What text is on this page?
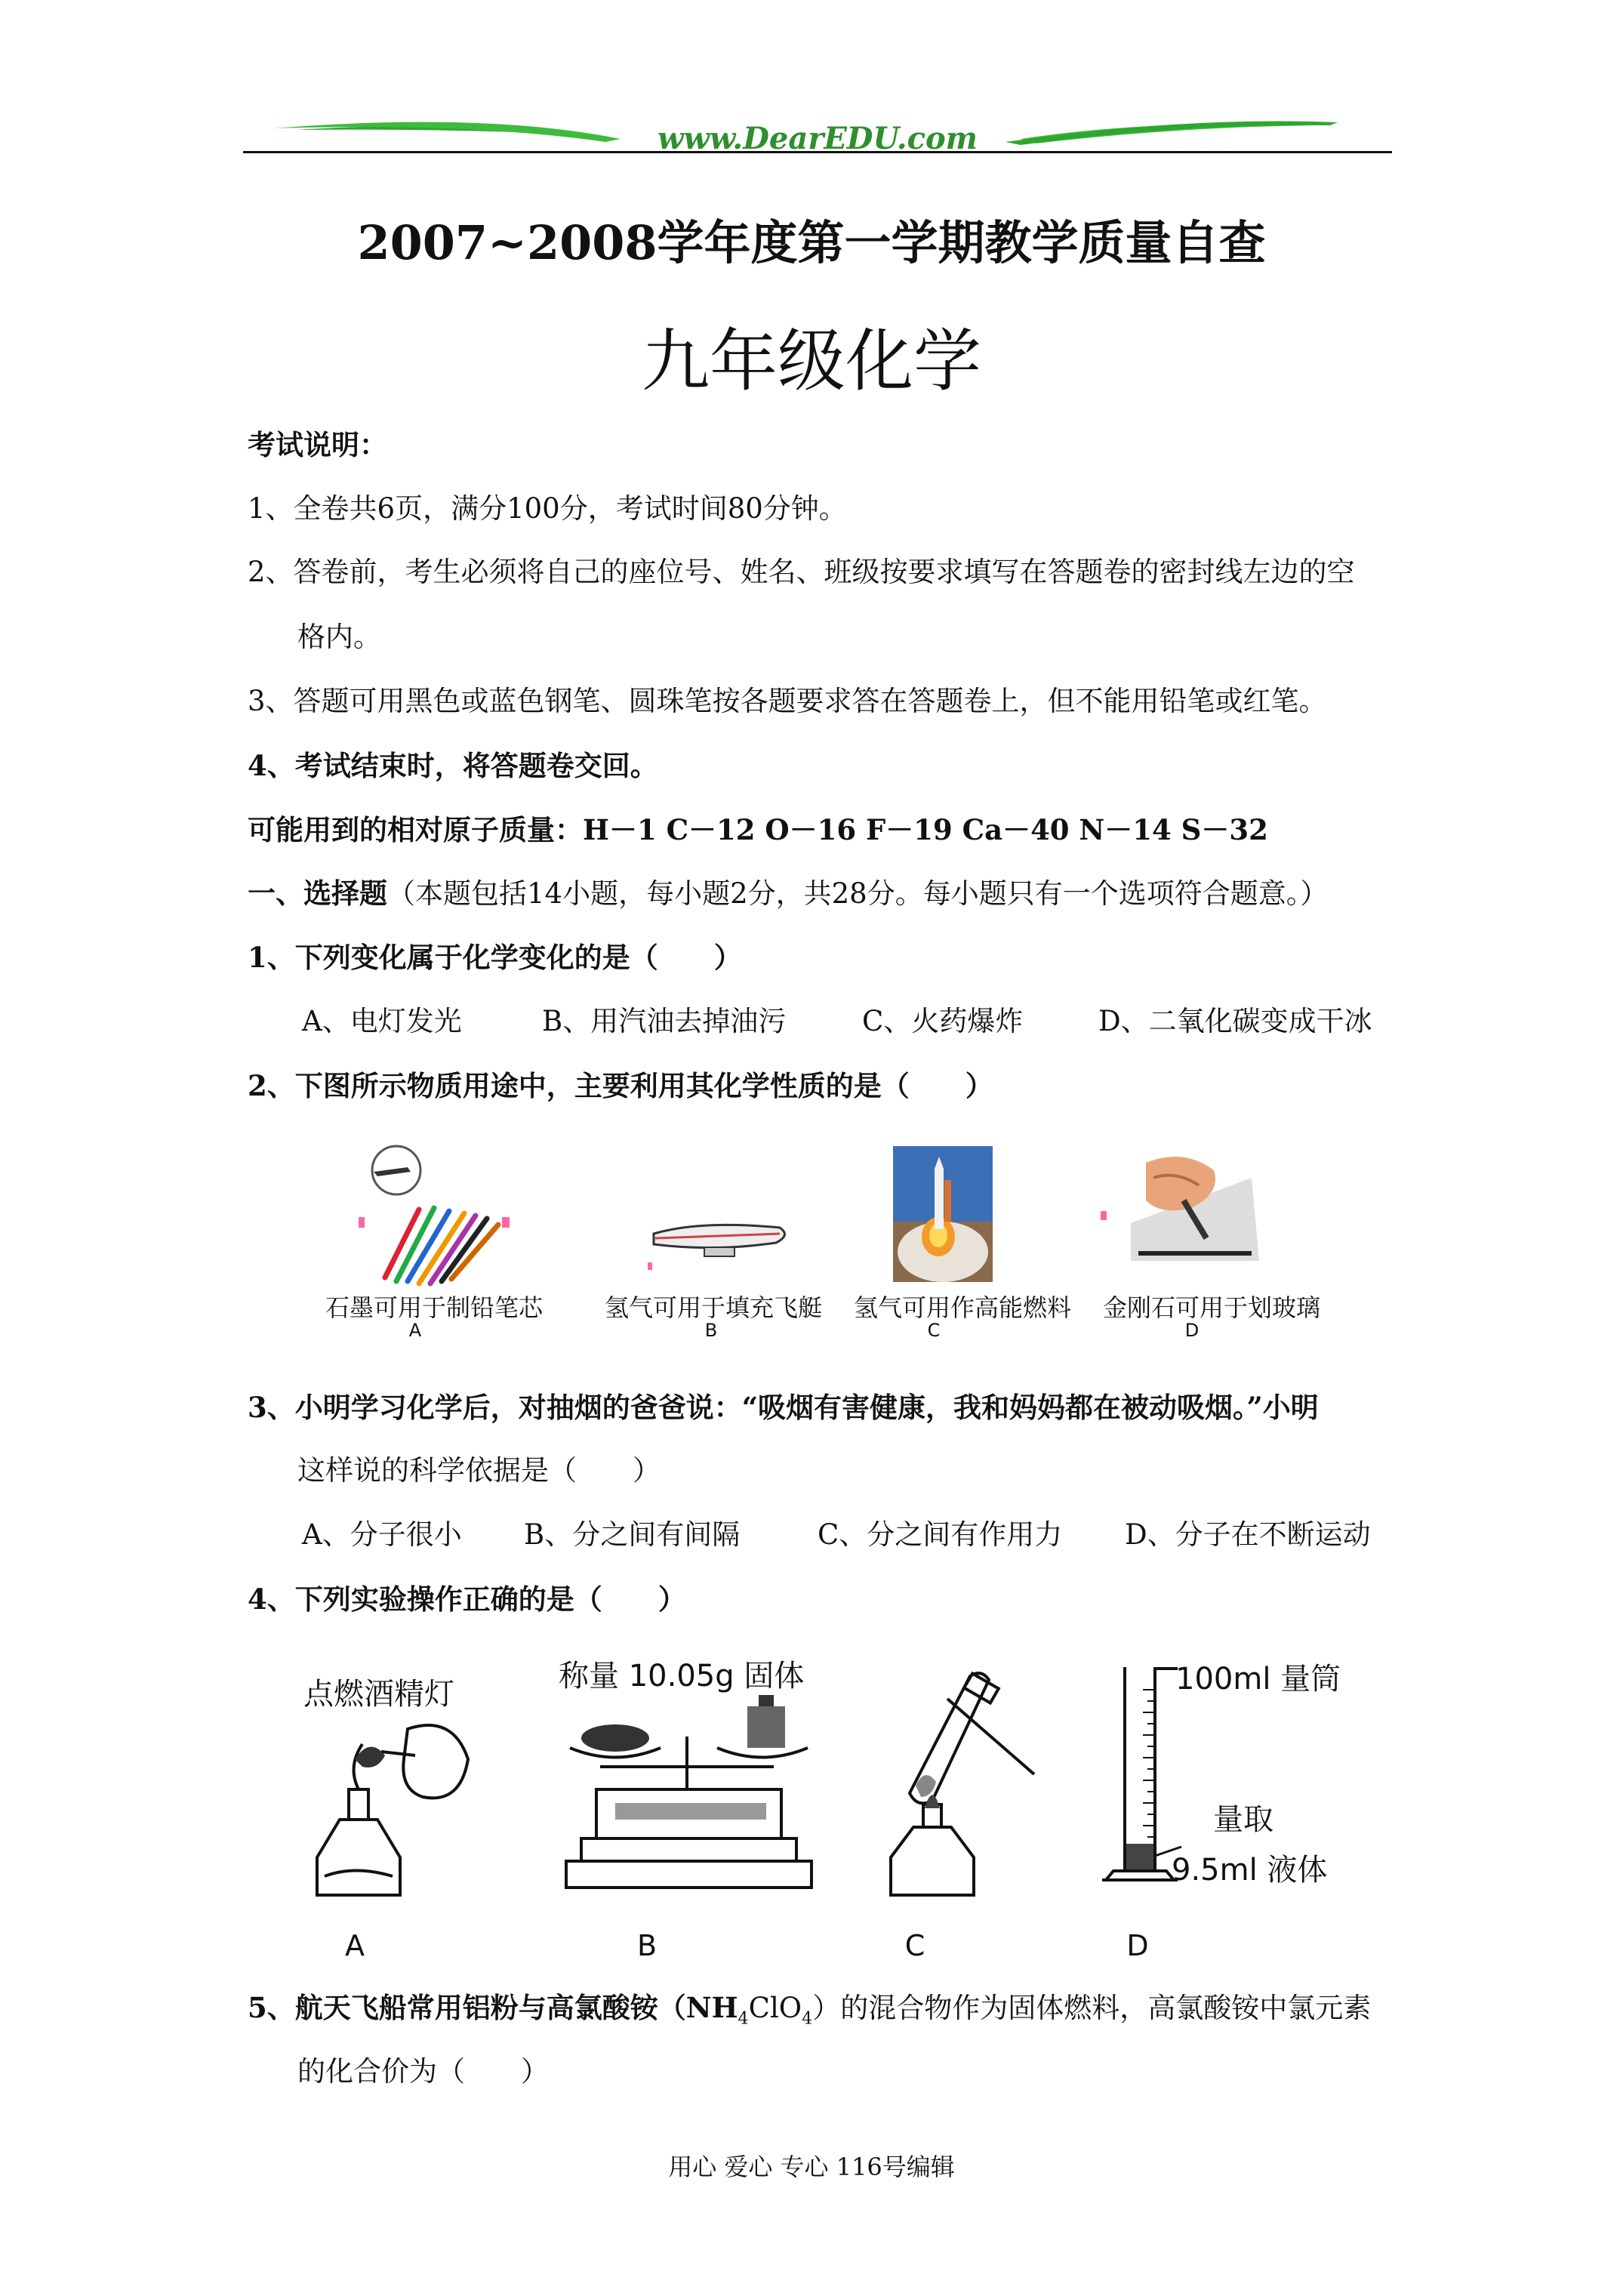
www.DearEDU.com
2007~2008学年度第一学期教学质量自查
九年级化学
考试说明：
1、全卷共6页，满分100分，考试时间80分钟。
2、答卷前，考生必须将自己的座位号、姓名、班级按要求填写在答题卷的密封线左边的空
格内。
3、答题可用黑色或蓝色钢笔、圆珠笔按各题要求答在答题卷上，但不能用铅笔或红笔。
4、考试结束时，将答题卷交回。
可能用到的相对原子质量：H－1 C－12 O－16 F－19 Ca－40 N－14 S－32
一、选择题（本题包括14小题，每小题2分，共28分。每小题只有一个选项符合题意。）
1、下列变化属于化学变化的是（　　）
A、电灯发光	B、用汽油去掉油污	C、火药爆炸	D、二氧化碳变成干冰
2、下图所示物质用途中，主要利用其化学性质的是（　　）
石墨可用于制铅笔芯	氢气可用于填充飞艇	氢气可用作高能燃料	金刚石可用于划玻璃
A	B	C	D
3、小明学习化学后，对抽烟的爸爸说：“吸烟有害健康，我和妈妈都在被动吸烟。”小明
这样说的科学依据是（　　）
A、分子很小 B、分之间有间隔	C、分之间有作用力 D、分子在不断运动
4、下列实验操作正确的是（　　）
点燃酒精灯
称量 10.05g 固体	100ml 量筒
量取
9.5ml 液体
A	B	C	D
5、航天飞船常用铝粉与高氯酸铵$(NH_4ClO_4)$的混合物作为固体燃料，高氯酸铵中氯元素
的化合价为（　　）
用心 爱心 专心 116号编辑
